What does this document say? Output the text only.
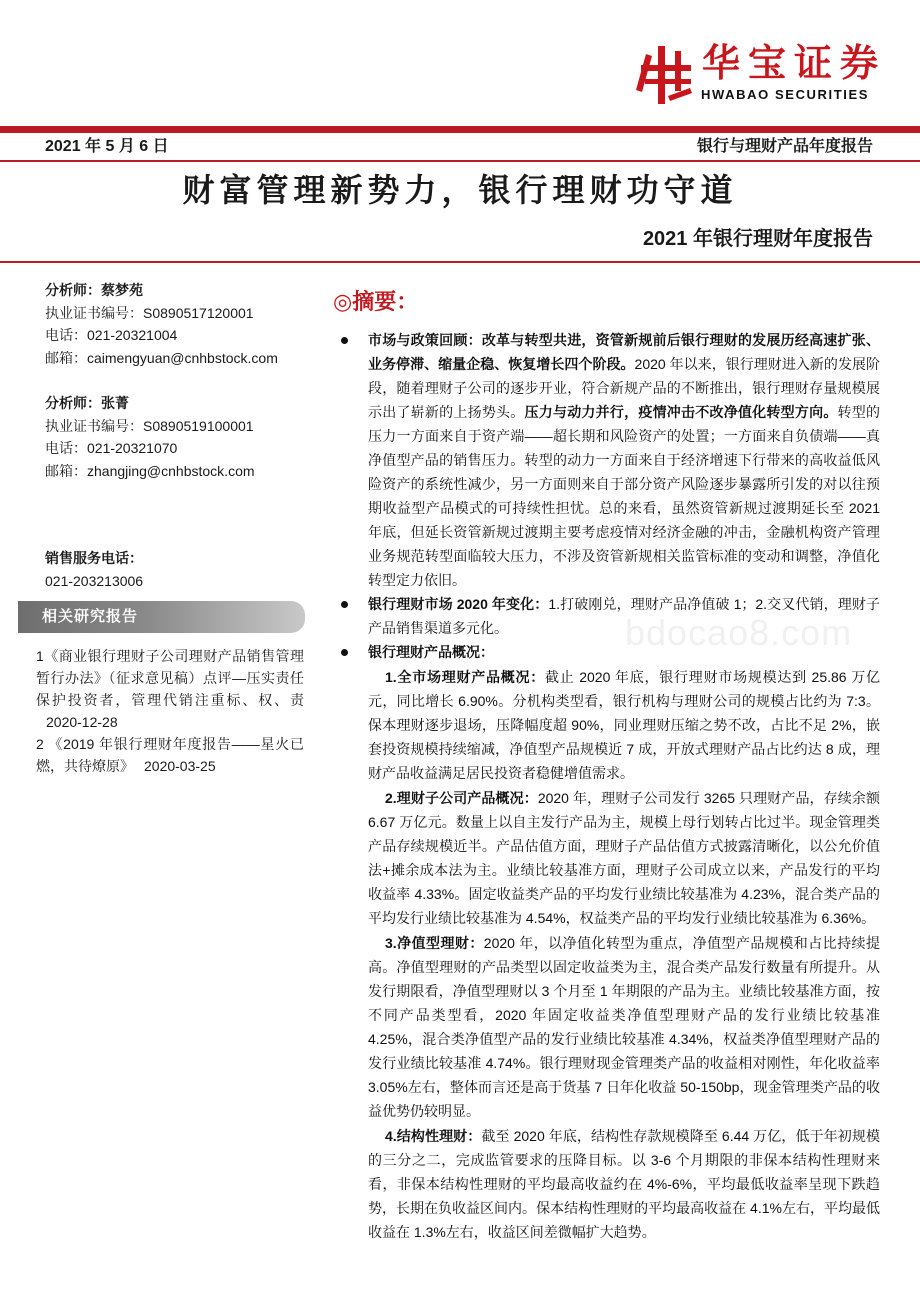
bdocao8.com
华宝证券
HWABAO SECURITIES
2021 年 5 月 6 日	银行与理财产品年度报告
财富管理新势力，银行理财功守道
2021 年银行理财年度报告
分析师：蔡梦苑
执业证书编号：S0890517120001
电话：021-20321004
邮箱：caimengyuan@cnhbstock.com
分析师：张菁
执业证书编号：S0890519100001
电话：021-20321070
邮箱：zhangjing@cnhbstock.com
销售服务电话：
021-203213006
相关研究报告
1《商业银行理财子公司理财产品销售管理暂行办法》（征求意见稿）点评—压实责任保护投资者，管理代销注重标、权、责2020-12-28
2 《2019 年银行理财年度报告——星火已燃，共待燎原》 2020-03-25
◎摘要：

市场与政策回顾：改革与转型共进，资管新规前后银行理财的发展历经高速扩张、业务停滞、缩量企稳、恢复增长四个阶段。2020 年以来，银行理财进入新的发展阶段，随着理财子公司的逐步开业，符合新规产品的不断推出，银行理财存量规模展示出了崭新的上扬势头。压力与动力并行，疫情冲击不改净值化转型方向。转型的压力一方面来自于资产端——超长期和风险资产的处置；一方面来自负债端——真净值型产品的销售压力。转型的动力一方面来自于经济增速下行带来的高收益低风险资产的系统性减少，另一方面则来自于部分资产风险逐步暴露所引发的对以往预期收益型产品模式的可持续性担忧。总的来看，虽然资管新规过渡期延长至 2021 年底，但延长资管新规过渡期主要考虑疫情对经济金融的冲击，金融机构资产管理业务规范转型面临较大压力，不涉及资管新规相关监管标准的变动和调整，净值化转型定力依旧。

银行理财市场 2020 年变化：1.打破刚兑，理财产品净值破 1；2.交叉代销，理财子产品销售渠道多元化。

银行理财产品概况：

1.全市场理财产品概况：截止 2020 年底，银行理财市场规模达到 25.86 万亿元，同比增长 6.90%。分机构类型看，银行机构与理财公司的规模占比约为 7:3。保本理财逐步退场，压降幅度超 90%，同业理财压缩之势不改，占比不足 2%，嵌套投资规模持续缩减，净值型产品规模近 7 成，开放式理财产品占比约达 8 成，理财产品收益满足居民投资者稳健增值需求。

2.理财子公司产品概况：2020 年，理财子公司发行 3265 只理财产品，存续余额 6.67 万亿元。数量上以自主发行产品为主，规模上母行划转占比过半。现金管理类产品存续规模近半。产品估值方面，理财子产品估值方式披露清晰化，以公允价值法+摊余成本法为主。业绩比较基准方面，理财子公司成立以来，产品发行的平均收益率 4.33%。固定收益类产品的平均发行业绩比较基准为 4.23%，混合类产品的平均发行业绩比较基准为 4.54%，权益类产品的平均发行业绩比较基准为 6.36%。

3.净值型理财：2020 年，以净值化转型为重点，净值型产品规模和占比持续提高。净值型理财的产品类型以固定收益类为主，混合类产品发行数量有所提升。从发行期限看，净值型理财以 3 个月至 1 年期限的产品为主。业绩比较基准方面，按不同产品类型看，2020 年固定收益类净值型理财产品的发行业绩比较基准 4.25%，混合类净值型产品的发行业绩比较基准 4.34%，权益类净值型理财产品的发行业绩比较基准 4.74%。银行理财现金管理类产品的收益相对刚性，年化收益率 3.05%左右，整体而言还是高于货基 7 日年化收益 50-150bp，现金管理类产品的收益优势仍较明显。

4.结构性理财：截至 2020 年底，结构性存款规模降至 6.44 万亿，低于年初规模的三分之二，完成监管要求的压降目标。以 3-6 个月期限的非保本结构性理财来看，非保本结构性理财的平均最高收益约在 4%-6%，平均最低收益率呈现下跌趋势，长期在负收益区间内。保本结构性理财的平均最高收益在 4.1%左右，平均最低收益在 1.3%左右，收益区间差微幅扩大趋势。
